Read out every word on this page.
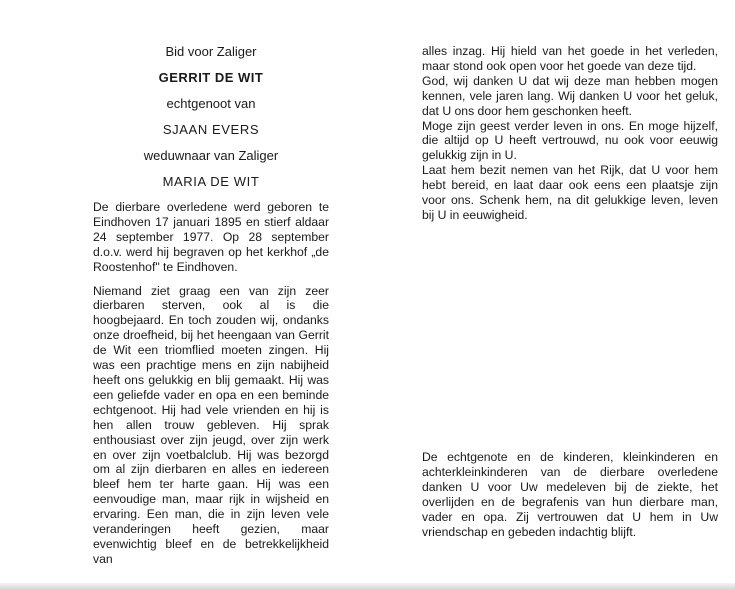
Bid voor Zaliger

GERRIT DE WIT

echtgenoot van

SJAAN EVERS

weduwnaar van Zaliger

MARIA DE WIT

De dierbare overledene werd geboren te Eindhoven 17 januari 1895 en stierf aldaar 24 september 1977. Op 28 september d.o.v. werd hij begraven op het kerkhof „de Roostenhof" te Eindhoven.

Niemand ziet graag een van zijn zeer dierbaren sterven, ook al is die hoogbejaard. En toch zouden wij, ondanks onze droefheid, bij het heengaan van Gerrit de Wit een triomflied moeten zingen. Hij was een prachtige mens en zijn nabijheid heeft ons gelukkig en blij gemaakt. Hij was een geliefde vader en opa en een beminde echtgenoot. Hij had vele vrienden en hij is hen allen trouw gebleven. Hij sprak enthousiast over zijn jeugd, over zijn werk en over zijn voetbalclub. Hij was bezorgd om al zijn dierbaren en alles en iedereen bleef hem ter harte gaan. Hij was een eenvoudige man, maar rijk in wijsheid en ervaring. Een man, die in zijn leven vele veranderingen heeft gezien, maar evenwichtig bleef en de betrekkelijkheid van

alles inzag. Hij hield van het goede in het verleden, maar stond ook open voor het goede van deze tijd.

God, wij danken U dat wij deze man hebben mogen kennen, vele jaren lang. Wij danken U voor het geluk, dat U ons door hem geschonken heeft.

Moge zijn geest verder leven in ons. En moge hijzelf, die altijd op U heeft vertrouwd, nu ook voor eeuwig gelukkig zijn in U.

Laat hem bezit nemen van het Rijk, dat U voor hem hebt bereid, en laat daar ook eens een plaatsje zijn voor ons. Schenk hem, na dit gelukkige leven, leven bij U in eeuwigheid.

De echtgenote en de kinderen, kleinkinderen en achterkleinkinderen van de dierbare overledene danken U voor Uw medeleven bij de ziekte, het overlijden en de begrafenis van hun dierbare man, vader en opa. Zij vertrouwen dat U hem in Uw vriendschap en gebeden indachtig blijft.
